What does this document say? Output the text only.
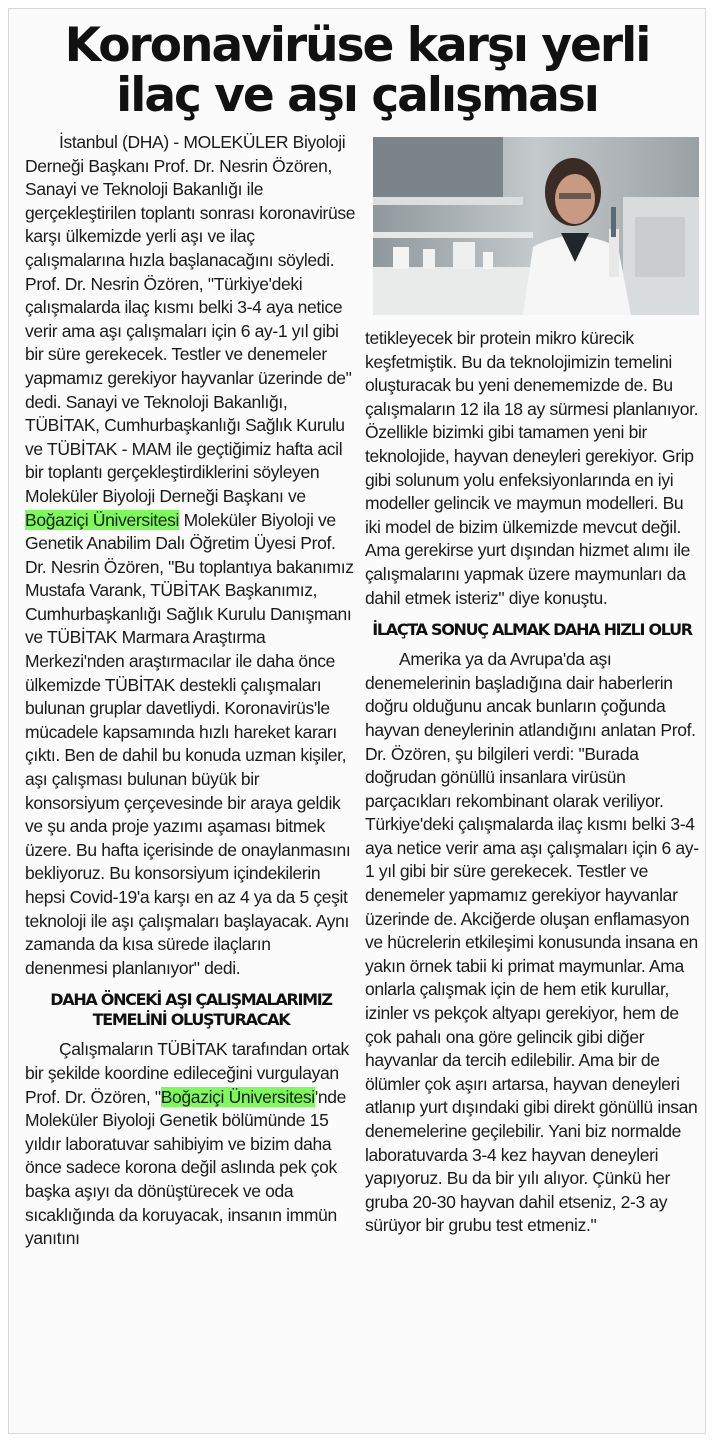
Koronavirüse karşı yerli
ilaç ve aşı çalışması

İstanbul (DHA) - MOLEKÜLER Biyoloji Derneği Başkanı Prof. Dr. Nesrin Özören, Sanayi ve Teknoloji Bakanlığı ile gerçekleştirilen toplantı sonrası koronavirüse karşı ülkemizde yerli aşı ve ilaç çalışmalarına hızla başlanacağını söyledi. Prof. Dr. Nesrin Özören, "Türkiye'deki çalışmalarda ilaç kısmı belki 3-4 aya netice verir ama aşı çalışmaları için 6 ay-1 yıl gibi bir süre gerekecek. Testler ve denemeler yapmamız gerekiyor hayvanlar üzerinde de" dedi. Sanayi ve Teknoloji Bakanlığı, TÜBİTAK, Cumhurbaşkanlığı Sağlık Kurulu ve TÜBİTAK - MAM ile geçtiğimiz hafta acil bir toplantı gerçekleştirdiklerini söyleyen Moleküler Biyoloji Derneği Başkanı ve Boğaziçi Üniversitesi Moleküler Biyoloji ve Genetik Anabilim Dalı Öğretim Üyesi Prof. Dr. Nesrin Özören, "Bu toplantıya bakanımız Mustafa Varank, TÜBİTAK Başkanımız, Cumhurbaşkanlığı Sağlık Kurulu Danışmanı ve TÜBİTAK Marmara Araştırma Merkezi'nden araştırmacılar ile daha önce ülkemizde TÜBİTAK destekli çalışmaları bulunan gruplar davetliydi. Koronavirüs'le mücadele kapsamında hızlı hareket kararı çıktı. Ben de dahil bu konuda uzman kişiler, aşı çalışması bulunan büyük bir konsorsiyum çerçevesinde bir araya geldik ve şu anda proje yazımı aşaması bitmek üzere. Bu hafta içerisinde de onaylanmasını bekliyoruz. Bu konsorsiyum içindekilerin hepsi Covid-19'a karşı en az 4 ya da 5 çeşit teknoloji ile aşı çalışmaları başlayacak. Aynı zamanda da kısa sürede ilaçların denenmesi planlanıyor" dedi.

DAHA ÖNCEKİ AŞI ÇALIŞMALARIMIZ TEMELİNİ OLUŞTURACAK

Çalışmaların TÜBİTAK tarafından ortak bir şekilde koordine edileceğini vurgulayan Prof. Dr. Özören, "Boğaziçi Üniversitesi'nde Moleküler Biyoloji Genetik bölümünde 15 yıldır laboratuvar sahibiyim ve bizim daha önce sadece korona değil aslında pek çok başka aşıyı da dönüştürecek ve oda sıcaklığında da koruyacak, insanın immün yanıtını

tetikleyecek bir protein mikro kürecik keşfetmiştik. Bu da teknolojimizin temelini oluşturacak bu yeni denememizde de. Bu çalışmaların 12 ila 18 ay sürmesi planlanıyor. Özellikle bizimki gibi tamamen yeni bir teknolojide, hayvan deneyleri gerekiyor. Grip gibi solunum yolu enfeksiyonlarında en iyi modeller gelincik ve maymun modelleri. Bu iki model de bizim ülkemizde mevcut değil. Ama gerekirse yurt dışından hizmet alımı ile çalışmalarını yapmak üzere maymunları da dahil etmek isteriz" diye konuştu.

İLAÇTA SONUÇ ALMAK DAHA HIZLI OLUR

Amerika ya da Avrupa'da aşı denemelerinin başladığına dair haberlerin doğru olduğunu ancak bunların çoğunda hayvan deneylerinin atlandığını anlatan Prof. Dr. Özören, şu bilgileri verdi: "Burada doğrudan gönüllü insanlara virüsün parçacıkları rekombinant olarak veriliyor. Türkiye'deki çalışmalarda ilaç kısmı belki 3-4 aya netice verir ama aşı çalışmaları için 6 ay-1 yıl gibi bir süre gerekecek. Testler ve denemeler yapmamız gerekiyor hayvanlar üzerinde de. Akciğerde oluşan enflamasyon ve hücrelerin etkileşimi konusunda insana en yakın örnek tabii ki primat maymunlar. Ama onlarla çalışmak için de hem etik kurullar, izinler vs pekçok altyapı gerekiyor, hem de çok pahalı ona göre gelincik gibi diğer hayvanlar da tercih edilebilir. Ama bir de ölümler çok aşırı artarsa, hayvan deneyleri atlanıp yurt dışındaki gibi direkt gönüllü insan denemelerine geçilebilir. Yani biz normalde laboratuvarda 3-4 kez hayvan deneyleri yapıyoruz. Bu da bir yılı alıyor. Çünkü her gruba 20-30 hayvan dahil etseniz, 2-3 ay sürüyor bir grubu test etmeniz."
